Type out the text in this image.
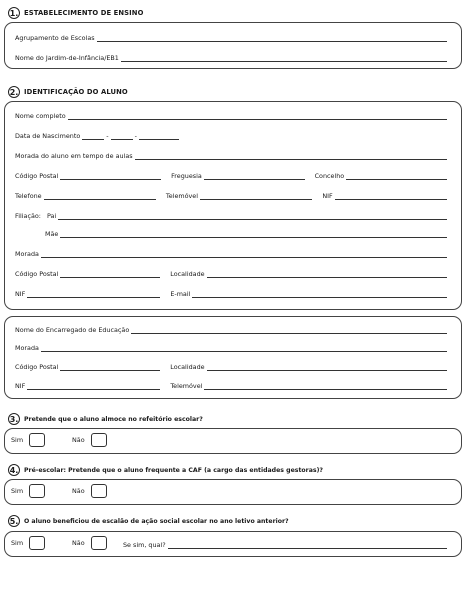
1. ESTABELECIMENTO DE ENSINO
Agrupamento de Escolas
Nome do Jardim-de-Infância/EB1
2. IDENTIFICAÇÃO DO ALUNO
Nome completo
Data de Nascimento	-	-
Morada do aluno em tempo de aulas
Código Postal	Freguesia	Concelho
Telefone	Telemóvel	NIF
Filiação: Pai
Mãe
Morada
Código Postal	Localidade
NIF	E-mail
Nome do Encarregado de Educação
Morada
Código Postal	Localidade
NIF	Telemóvel
3. Pretende que o aluno almoce no refeitório escolar?
Sim	Não
4. Pré-escolar: Pretende que o aluno frequente a CAF (a cargo das entidades gestoras)?
Sim	Não
5. O aluno beneficiou de escalão de ação social escolar no ano letivo anterior?
Sim	Não	Se sim, qual?
